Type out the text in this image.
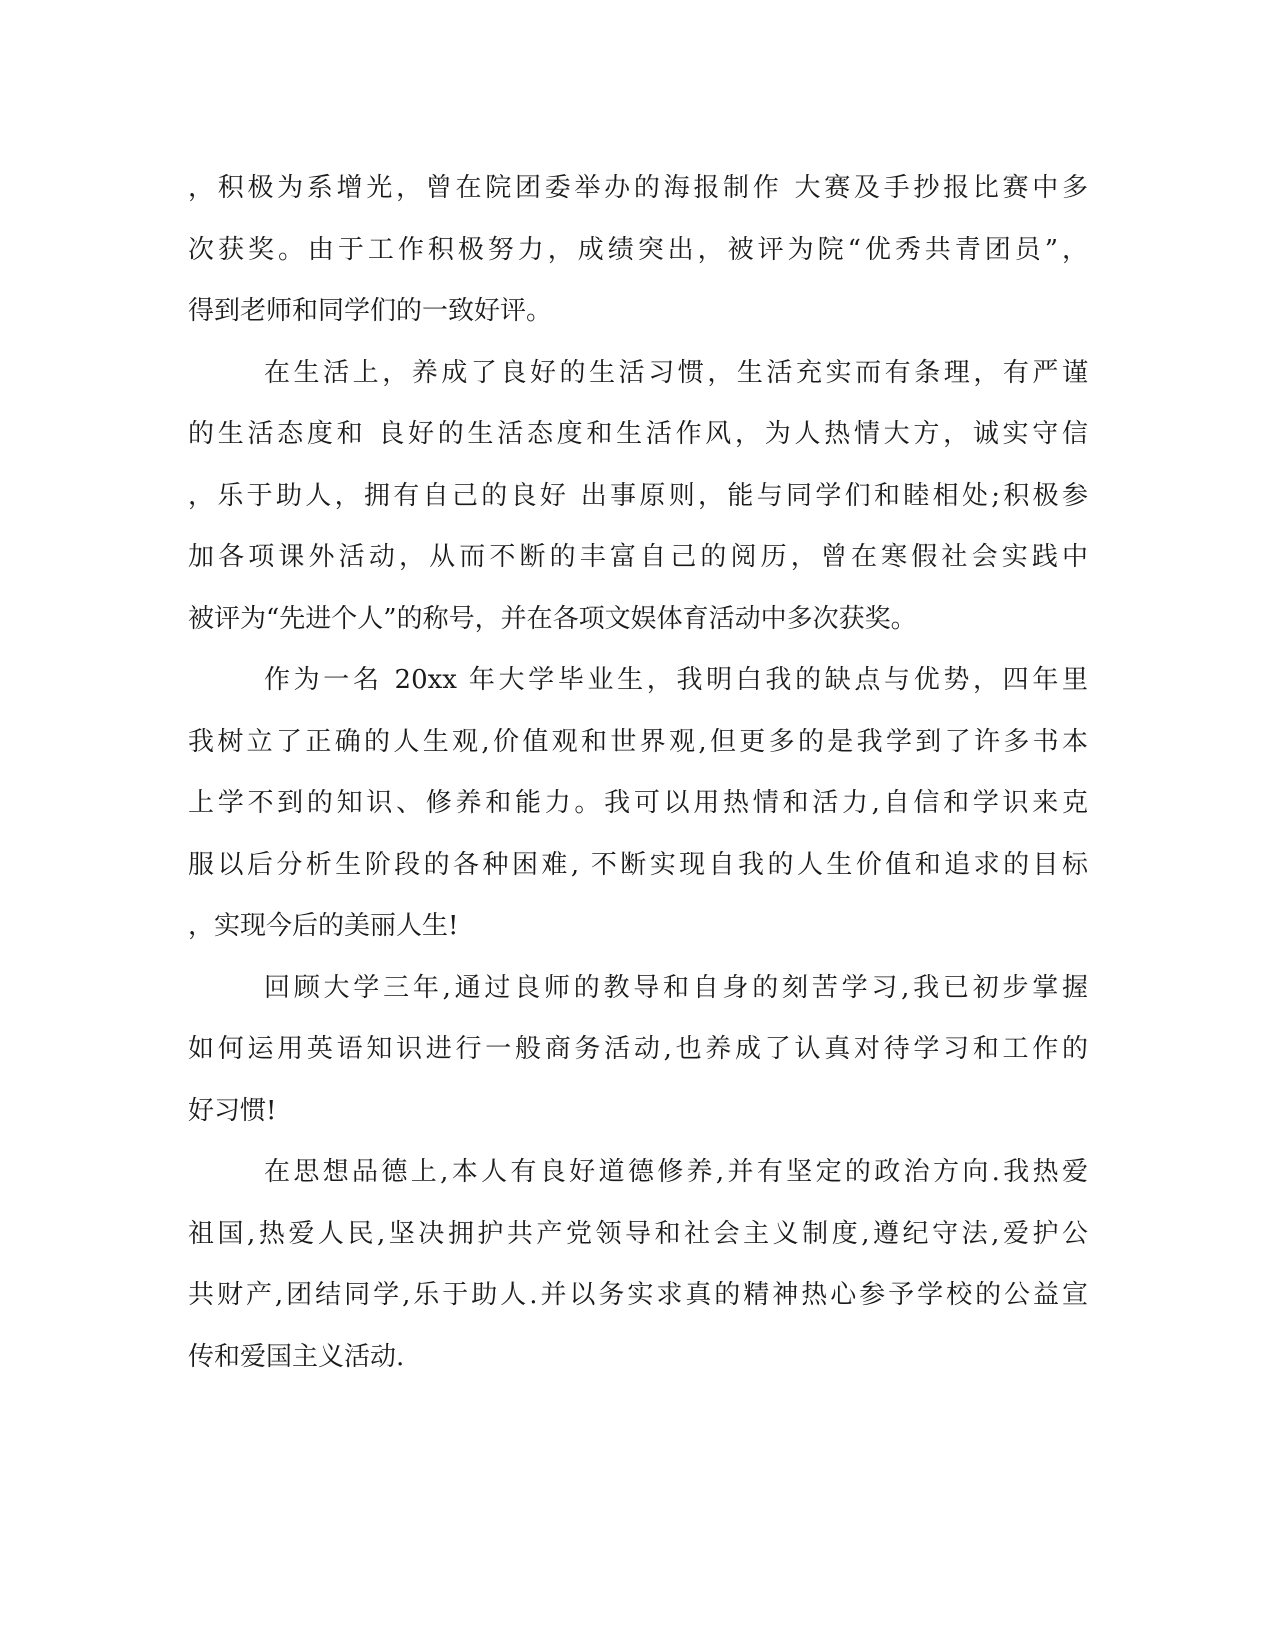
，积极为系增光，曾在院团委举办的海报制作 大赛及手抄报比赛中多
次获奖。由于工作积极努力，成绩突出，被评为院“优秀共青团员”，
得到老师和同学们的一致好评。
在生活上，养成了良好的生活习惯，生活充实而有条理，有严谨
的生活态度和 良好的生活态度和生活作风，为人热情大方，诚实守信
，乐于助人，拥有自己的良好 出事原则，能与同学们和睦相处;积极参
加各项课外活动，从而不断的丰富自己的阅历，曾在寒假社会实践中
被评为“先进个人”的称号，并在各项文娱体育活动中多次获奖。
作为一名 20xx 年大学毕业生，我明白我的缺点与优势，四年里
我树立了正确的人生观,价值观和世界观,但更多的是我学到了许多书本
上学不到的知识、修养和能力。我可以用热情和活力,自信和学识来克
服以后分析生阶段的各种困难, 不断实现自我的人生价值和追求的目标
，实现今后的美丽人生!
回顾大学三年,通过良师的教导和自身的刻苦学习,我已初步掌握
如何运用英语知识进行一般商务活动,也养成了认真对待学习和工作的
好习惯!
在思想品德上,本人有良好道德修养,并有坚定的政治方向.我热爱
祖国,热爱人民,坚决拥护共产党领导和社会主义制度,遵纪守法,爱护公
共财产,团结同学,乐于助人.并以务实求真的精神热心参予学校的公益宣
传和爱国主义活动.
